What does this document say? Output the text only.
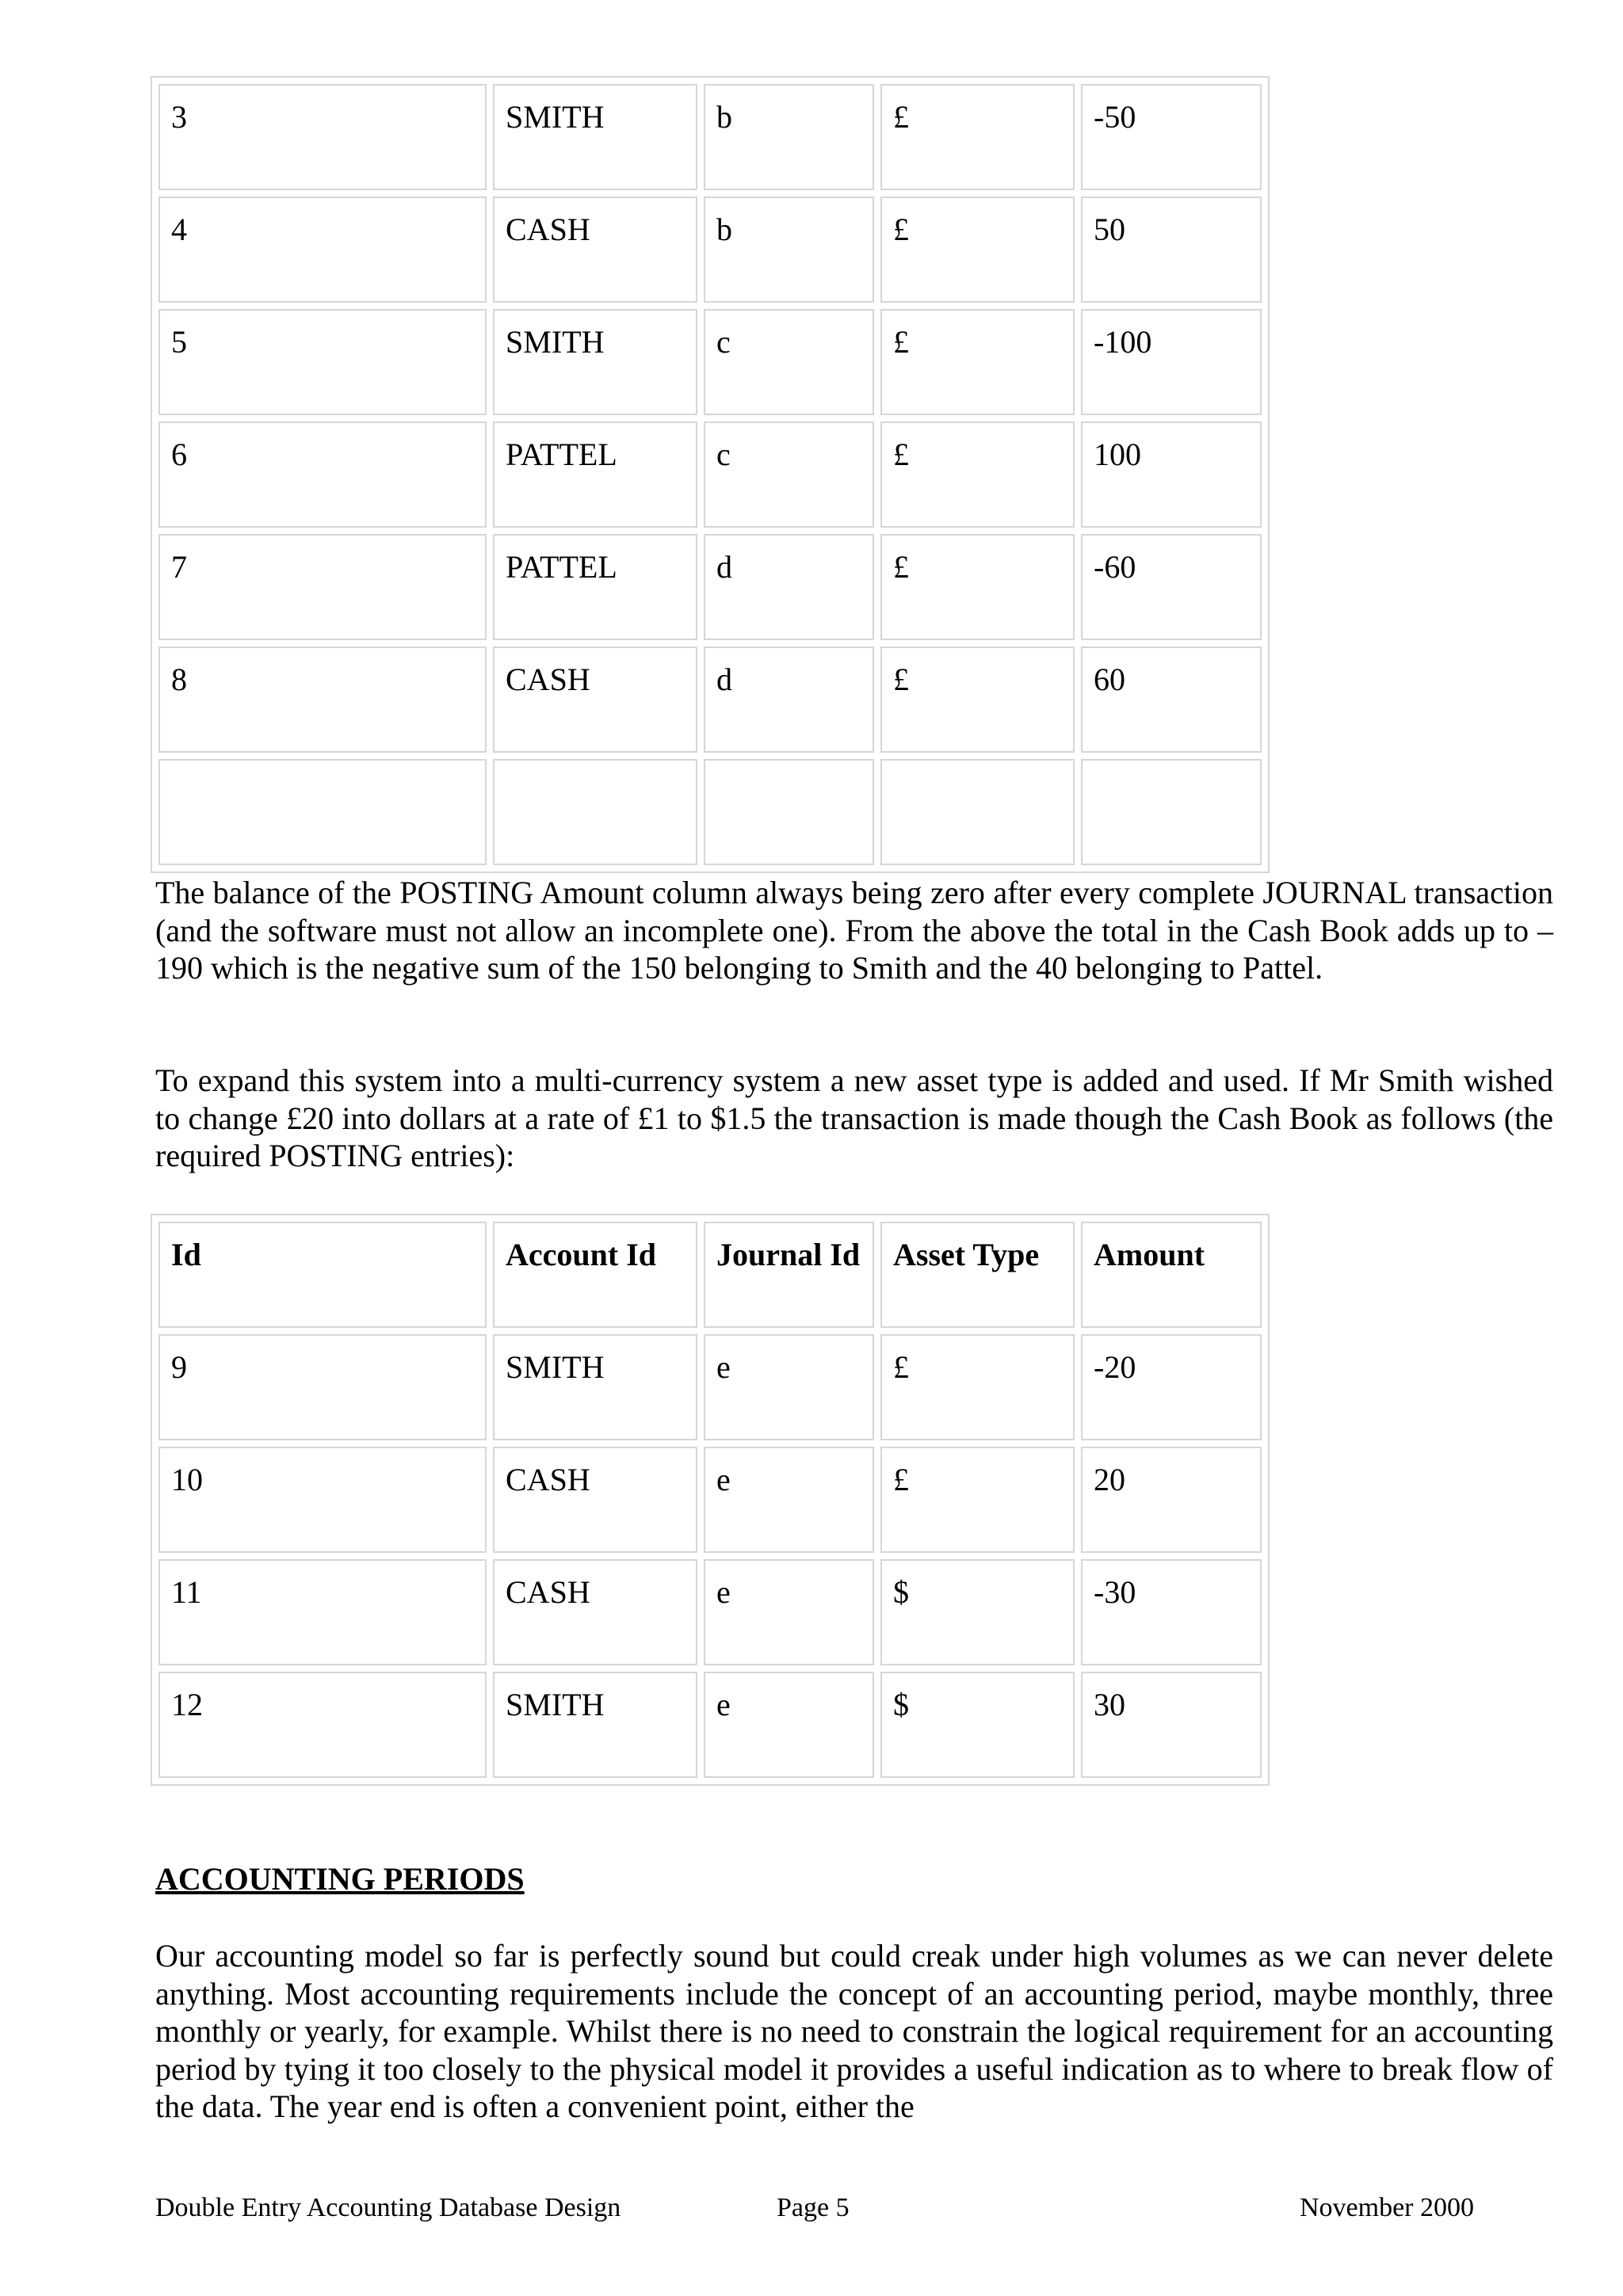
3	SMITH	b	£	-50
4	CASH	b	£	50
5	SMITH	c	£	-100
6	PATTEL	c	£	100
7	PATTEL	d	£	-60
8	CASH	d	£	60

The balance of the POSTING Amount column always being zero after every complete JOURNAL transaction (and the software must not allow an incomplete one). From the above the total in the Cash Book adds up to –190 which is the negative sum of the 150 belonging to Smith and the 40 belonging to Pattel.

To expand this system into a multi-currency system a new asset type is added and used. If Mr Smith wished to change £20 into dollars at a rate of £1 to $1.5 the transaction is made though the Cash Book as follows (the required POSTING entries):

Id	Account Id	Journal Id	Asset Type	Amount
9	SMITH	e	£	-20
10	CASH	e	£	20
11	CASH	e	$	-30
12	SMITH	e	$	30
ACCOUNTING PERIODS

Our accounting model so far is perfectly sound but could creak under high volumes as we can never delete anything. Most accounting requirements include the concept of an accounting period, maybe monthly, three monthly or yearly, for example. Whilst there is no need to constrain the logical requirement for an accounting period by tying it too closely to the physical model it provides a useful indication as to where to break flow of the data. The year end is often a convenient point, either the

Double Entry Accounting Database Design	Page 5	November 2000
